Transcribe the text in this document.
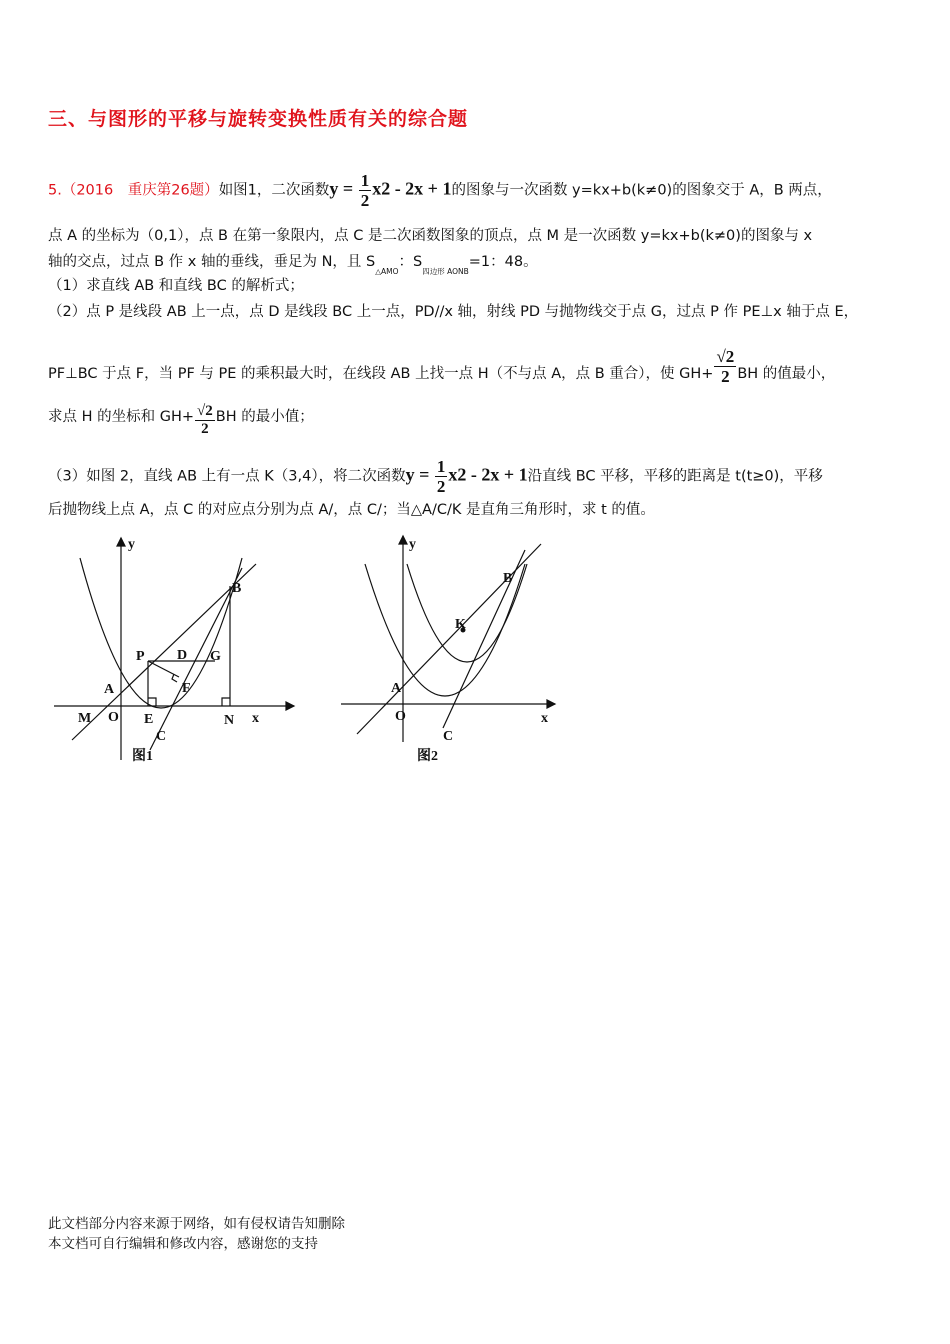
三、与图形的平移与旋转变换性质有关的综合题
5.（2016　重庆第26题）如图1，二次函数$y = \frac{1}{2} x2 - 2x + 1$的图象与一次函数 y=kx+b(k≠0)的图象交于 A，B 两点，
点 A 的坐标为（0,1），点 B 在第一象限内，点 C 是二次函数图象的顶点，点 M 是一次函数 y=kx+b(k≠0)的图象与 x
轴的交点，过点 B 作 x 轴的垂线，垂足为 N，且 $S_{\triangle AMO}$：$S_{四边形 AONB}=1$：48。
（1）求直线 AB 和直线 BC 的解析式；
（2）点 P 是线段 AB 上一点，点 D 是线段 BC 上一点，PD//x 轴，射线 PD 与抛物线交于点 G，过点 P 作 PE⊥x 轴于点 E，
PF⊥BC 于点 F，当 PF 与 PE 的乘积最大时，在线段 AB 上找一点 H（不与点 A，点 B 重合），使 $GH+ \frac{√2}{2}$ BH 的值最小，
求点 H 的坐标和 $GH+ \frac{√2}{2}$ BH 的最小值；
（3）如图 2，直线 AB 上有一点 K（3,4），将二次函数$y = \frac{1}{2} x2 - 2x + 1$沿直线 BC 平移，平移的距离是 t(t≥0)，平移
后抛物线上点 A，点 C 的对应点分别为点 A/，点 C/；当△A/C/K 是直角三角形时，求 t 的值。
y
x
B
P D G
F
A
M O E	N
C
图1
y
x
B
K
A
O
C
图2
此文档部分内容来源于网络，如有侵权请告知删除
本文档可自行编辑和修改内容，感谢您的支持
